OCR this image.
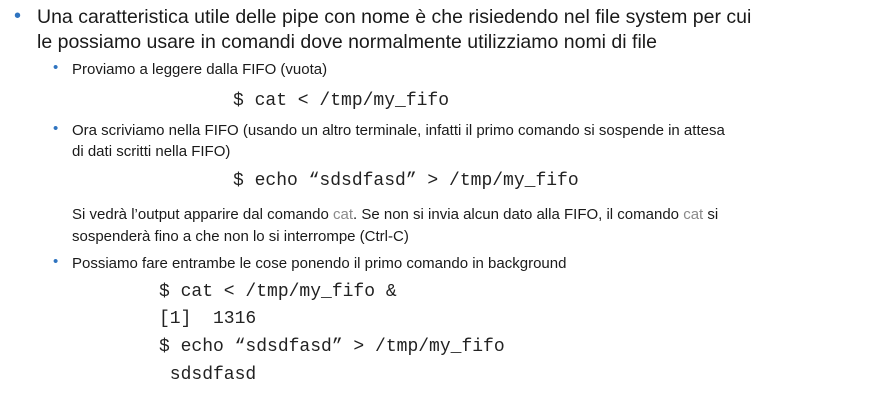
• Una caratteristica utile delle pipe con nome è che risiedendo nel file system per cui
le possiamo usare in comandi dove normalmente utilizziamo nomi di file
• Proviamo a leggere dalla FIFO (vuota)
$ cat < /tmp/my_fifo
• Ora scriviamo nella FIFO (usando un altro terminale, infatti il primo comando si sospende in attesa
di dati scritti nella FIFO)
$ echo “sdsdfasd” > /tmp/my_fifo
Si vedrà l’output apparire dal comando cat. Se non si invia alcun dato alla FIFO, il comando cat si
sospenderà fino a che non lo si interrompe (Ctrl-C)
• Possiamo fare entrambe le cose ponendo il primo comando in background
$ cat < /tmp/my_fifo &
[1]  1316
$ echo “sdsdfasd” > /tmp/my_fifo
sdsdfasd
